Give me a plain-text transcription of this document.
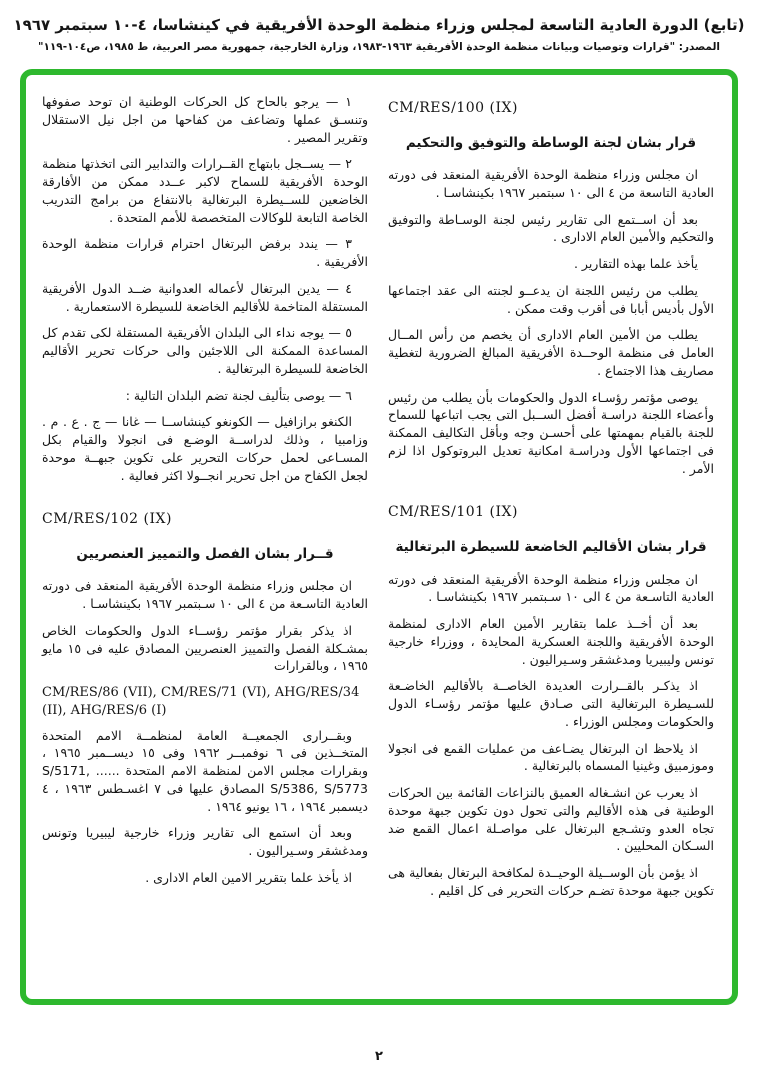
(تابع) الدورة العادية التاسعة لمجلس وزراء منظمة الوحدة الأفريقية في كينشاسا، ٤-١٠ سبتمبر ١٩٦٧
المصدر: "قرارات وتوصيات وبيانات منظمة الوحدة الأفريقية ١٩٦٣-١٩٨٣، وزارة الخارجية، جمهورية مصر العربية، ط ١٩٨٥، ص١٠٤-١١٩"
CM/RES/100 (IX)
قرار بشان لجنة الوساطة والتوفيق والتحكيم

ان مجلس وزراء منظمة الوحدة الأفريقية المنعقد فى دورته العادية التاسعة من ٤ الى ١٠ سبتمبر ١٩٦٧ بكينشاسـا .

بعد أن اســتمع الى تقارير رئيس لجنة الوسـاطة والتوفيق والتحكيم والأمين العام الادارى .

يأخذ علما بهذه التقارير .

يطلب من رئيس اللجنة ان يدعــو لجنته الى عقد اجتماعها الأول بأديس أبابا فى أقرب وقت ممكن .

يطلب من الأمين العام الادارى أن يخصم من رأس المــال العامل فى منظمة الوحــدة الأفريقية المبالغ الضرورية لتغطية مصاريف هذا الاجتماع .

يوصى مؤتمر رؤسـاء الدول والحكومات بأن يطلب من رئيس وأعضاء اللجنة دراسـة أفضل الســبل التى يجب اتباعها للسماح للجنة بالقيام بمهمتها على أحسـن وجه وبأقل التكاليف الممكنة فى اجتماعها الأول ودراسـة امكانية تعديل البروتوكول اذا لزم الأمر .

CM/RES/101 (IX)
قرار بشان الأقاليم الخاضعة للسيطرة البرتغالية

ان مجلس وزراء منظمة الوحدة الأفريقية المنعقد فى دورته العادية التاسـعة من ٤ الى ١٠ سـبتمبر ١٩٦٧ بكينشاسـا .

بعد أن أخــذ علما بتقارير الأمين العام الادارى لمنظمة الوحدة الأفريقية واللجنة العسكرية المحايدة ، ووزراء خارجية تونس وليبيريا ومدغشقر وسـيراليون .

اذ يذكـر بالقــرارت العديدة الخاصــة بالأقاليم الخاضـعة للسـيطرة البرتغالية التى صـادق عليها مؤتمر رؤسـاء الدول والحكومات ومجلس الوزراء .

اذ يلاحظ ان البرتغال يضـاعف من عمليات القمع فى انجولا وموزمبيق وغينيا المسماه بالبرتغالية .

اذ يعرب عن انشـغاله العميق بالنزاعات القائمة بين الحركات الوطنية فى هذه الأقاليم والتى تحول دون تكوين جبهة موحدة تجاه العدو وتشـجع البرتغال على مواصـلة اعمال القمع ضد السـكان المحليين .

اذ يؤمن بأن الوســيلة الوحيــدة لمكافحة البرتغال بفعالية هى تكوين جبهة موحدة تضـم حركات التحرير فى كل اقليم .

١ — يرجو بالحاح كل الحركات الوطنية ان توحد صفوفها وتنسـق عملها وتضاعف من كفاحها من اجل نيل الاستقلال وتقرير المصير .

٢ — يســجل بابتهاج القــرارات والتدابير التى اتخذتها منظمة الوحدة الأفريقية للسماح لاكبر عــدد ممكن من الأفارقة الخاضعين للســيطرة البرتغالية بالانتفاع من برامج التدريب الخاصة التابعة للوكالات المتخصصة للأمم المتحدة .

٣ — يندد برفض البرتغال احترام قرارات منظمة الوحدة الأفريقية .

٤ — يدين البرتغال لأعماله العدوانية ضــد الدول الأفريقية المستقلة المتاخمة للأقاليم الخاضعة للسيطرة الاستعمارية .

٥ — يوجه نداء الى البلدان الأفريقية المستقلة لكى تقدم كل المساعدة الممكنة الى اللاجئين والى حركات تحرير الأقاليم الخاضعة للسيطرة البرتغالية .

٦ — يوصى بتأليف لجنة تضم البلدان التالية :

الكنغو برازافيل — الكونغو كينشاســا — غانا — ج . ع . م . وزامبيا ، وذلك لدراســة الوضـع فى انجولا والقيام بكل المسـاعى لحمل حركات التحرير على تكوين جبهــة موحدة لجعل الكفاح من اجل تحرير انجــولا اكثر فعالية .

CM/RES/102 (IX)
قــرار بشان الفصل والتمييز العنصريين

ان مجلس وزراء منظمة الوحدة الأفريقية المنعقد فى دورته العادية التاسـعة من ٤ الى ١٠ سـبتمبر ١٩٦٧ بكينشاسـا .

اذ يذكر بقرار مؤتمر رؤســاء الدول والحكومات الخاص بمشـكلة الفصل والتمييز العنصريين المصادق عليه فى ١٥ مايو ١٩٦٥ ، وبالقرارات

CM/RES/86 (VII), CM/RES/71 (VI), AHG/RES/34 (II), AHG/RES/6 (I)

وبقــرارى الجمعيــة العامة لمنظمــة الامم المتحدة المتخــذين فى ٦ نوفمبــر ١٩٦٢ وفى ١٥ ديســمبر ١٩٦٥ ، وبقرارات مجلس الامن لمنظمة الامم المتحدة ...... S/5171, S/5386, S/5773 المصادق عليها فى ٧ اغسـطس ١٩٦٣ ، ٤ ديسمبر ١٩٦٤ ، ١٦ يونيو ١٩٦٤ .

وبعد أن استمع الى تقارير وزراء خارجية ليبيريا وتونس ومدغشقر وسـيراليون .

اذ يأخذ علما بتقرير الامين العام الادارى .

٢
